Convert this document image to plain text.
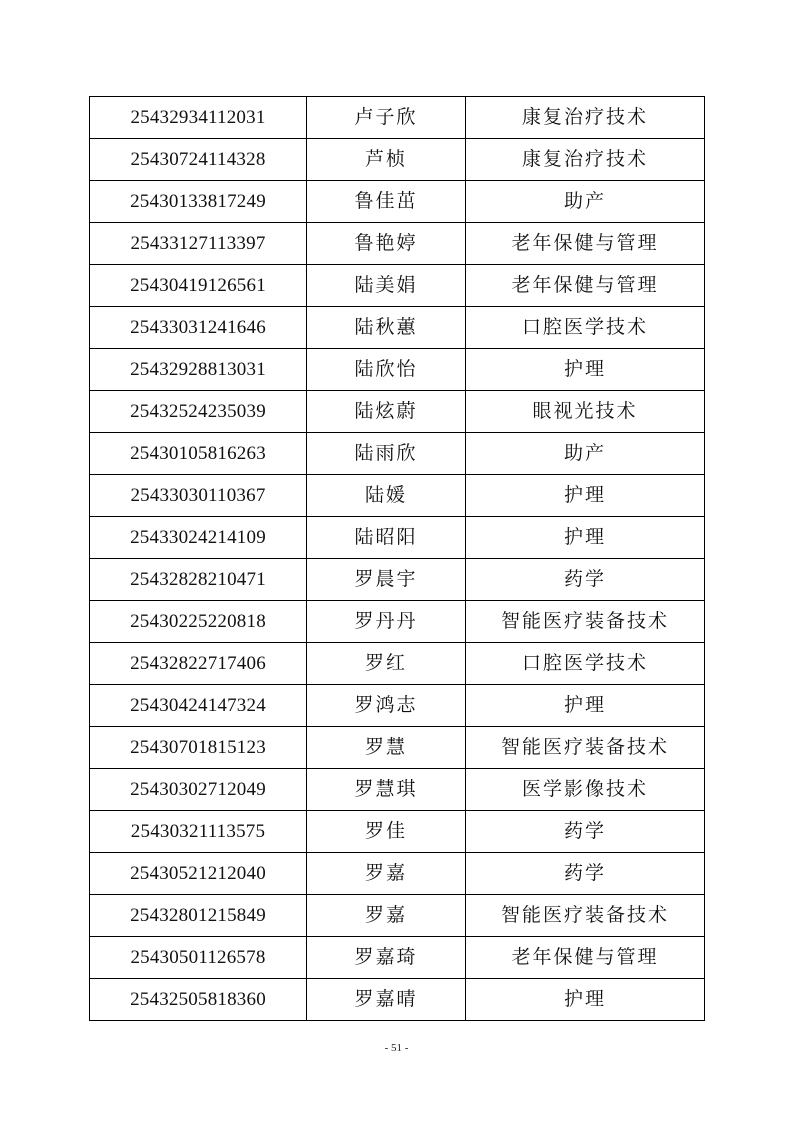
25432934112031	卢子欣	康复治疗技术
25430724114328	芦桢	康复治疗技术
25430133817249	鲁佳茁	助产
25433127113397	鲁艳婷	老年保健与管理
25430419126561	陆美娟	老年保健与管理
25433031241646	陆秋蕙	口腔医学技术
25432928813031	陆欣怡	护理
25432524235039	陆炫蔚	眼视光技术
25430105816263	陆雨欣	助产
25433030110367	陆媛	护理
25433024214109	陆昭阳	护理
25432828210471	罗晨宇	药学
25430225220818	罗丹丹	智能医疗装备技术
25432822717406	罗红	口腔医学技术
25430424147324	罗鸿志	护理
25430701815123	罗慧	智能医疗装备技术
25430302712049	罗慧琪	医学影像技术
25430321113575	罗佳	药学
25430521212040	罗嘉	药学
25432801215849	罗嘉	智能医疗装备技术
25430501126578	罗嘉琦	老年保健与管理
25432505818360	罗嘉晴	护理
- 51 -
